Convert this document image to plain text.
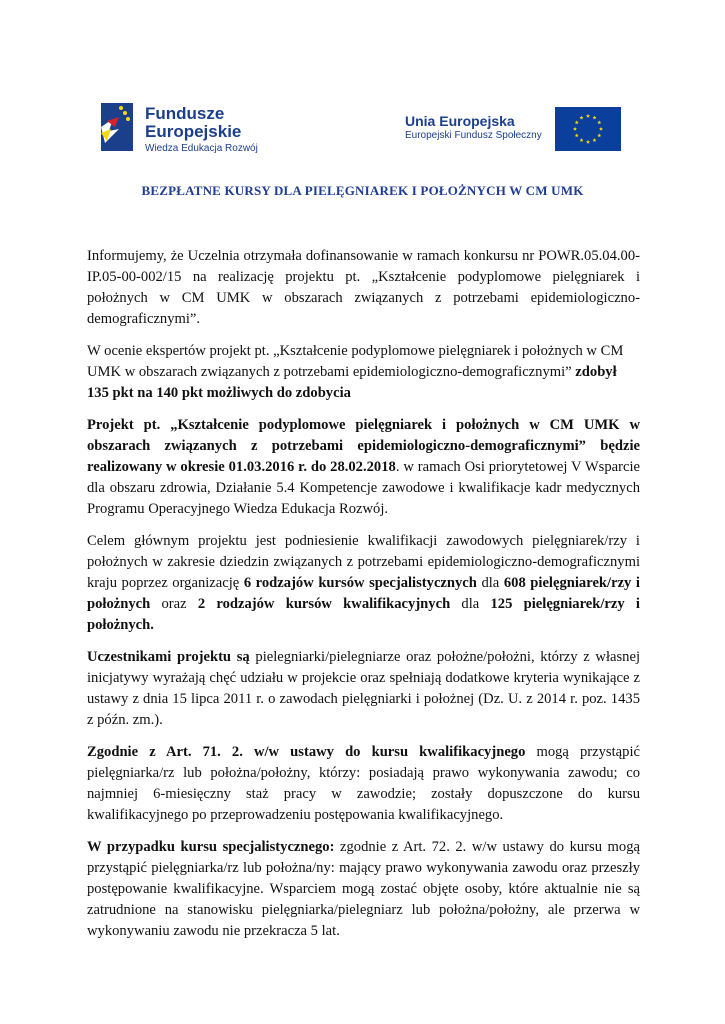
Fundusze
Europejskie
Wiedza Edukacja Rozwój
Unia Europejska
Europejski Fundusz Społeczny
BEZPŁATNE KURSY DLA PIELĘGNIAREK I POŁOŻNYCH W CM UMK

Informujemy, że Uczelnia otrzymała dofinansowanie w ramach konkursu nr POWR.05.04.00-IP.05-00-002/15 na realizację projektu pt. „Kształcenie podyplomowe pielęgniarek i położnych w CM UMK w obszarach związanych z potrzebami epidemiologiczno-demograficznymi”.

W ocenie ekspertów projekt pt. „Kształcenie podyplomowe pielęgniarek i położnych w CM UMK w obszarach związanych z potrzebami epidemiologiczno-demograficznymi” zdobył 135 pkt na 140 pkt możliwych do zdobycia

Projekt pt. „Kształcenie podyplomowe pielęgniarek i położnych w CM UMK w obszarach związanych z potrzebami epidemiologiczno-demograficznymi” będzie realizowany w okresie 01.03.2016 r. do 28.02.2018. w ramach Osi priorytetowej V Wsparcie dla obszaru zdrowia, Działanie 5.4 Kompetencje zawodowe i kwalifikacje kadr medycznych Programu Operacyjnego Wiedza Edukacja Rozwój.

Celem głównym projektu jest podniesienie kwalifikacji zawodowych pielęgniarek/rzy i położnych w zakresie dziedzin związanych z potrzebami epidemiologiczno-demograficznymi kraju poprzez organizację 6 rodzajów kursów specjalistycznych dla 608 pielęgniarek/rzy i położnych oraz 2 rodzajów kursów kwalifikacyjnych dla 125 pielęgniarek/rzy i położnych.

Uczestnikami projektu są pielegniarki/pielegniarze oraz położne/położni, którzy z własnej inicjatywy wyrażają chęć udziału w projekcie oraz spełniają dodatkowe kryteria wynikające z ustawy z dnia 15 lipca 2011 r. o zawodach pielęgniarki i położnej (Dz. U. z 2014 r. poz. 1435 z późn. zm.).

Zgodnie z Art. 71. 2. w/w ustawy do kursu kwalifikacyjnego mogą przystąpić pielęgniarka/rz lub położna/położny, którzy: posiadają prawo wykonywania zawodu; co najmniej 6-miesięczny staż pracy w zawodzie; zostały dopuszczone do kursu kwalifikacyjnego po przeprowadzeniu postępowania kwalifikacyjnego.

W przypadku kursu specjalistycznego: zgodnie z Art. 72. 2. w/w ustawy do kursu mogą przystąpić pielęgniarka/rz lub położna/ny: mający prawo wykonywania zawodu oraz przeszły postępowanie kwalifikacyjne. Wsparciem mogą zostać objęte osoby, które aktualnie nie są zatrudnione na stanowisku pielęgniarka/pielegniarz lub położna/położny, ale przerwa w wykonywaniu zawodu nie przekracza 5 lat.
